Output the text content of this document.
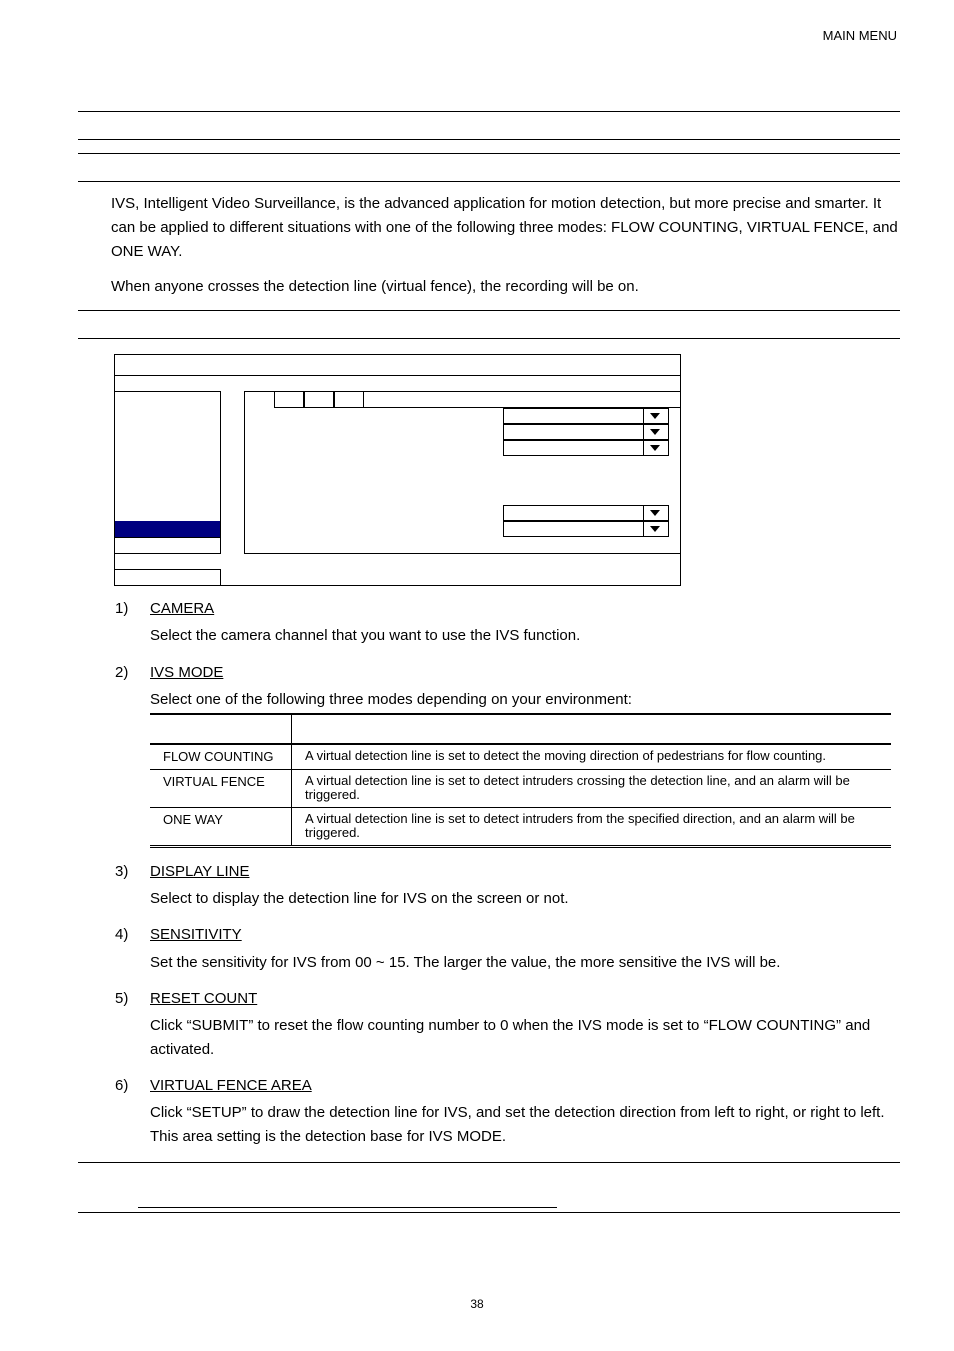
MAIN MENU
IVS, Intelligent Video Surveillance, is the advanced application for motion detection, but more precise and smarter. It can be applied to different situations with one of the following three modes: FLOW COUNTING, VIRTUAL FENCE, and ONE WAY.
When anyone crosses the detection line (virtual fence), the recording will be on.
1) CAMERA
Select the camera channel that you want to use the IVS function.
2) IVS MODE
Select one of the following three modes depending on your environment:

FLOW COUNTING	A virtual detection line is set to detect the moving direction of pedestrians for flow counting.
VIRTUAL FENCE	A virtual detection line is set to detect intruders crossing the detection line, and an alarm will be triggered.
ONE WAY	A virtual detection line is set to detect intruders from the specified direction, and an alarm will be triggered.
3) DISPLAY LINE
Select to display the detection line for IVS on the screen or not.
4) SENSITIVITY
Set the sensitivity for IVS from 00 ~ 15. The larger the value, the more sensitive the IVS will be.
5) RESET COUNT
Click “SUBMIT” to reset the flow counting number to 0 when the IVS mode is set to “FLOW COUNTING” and activated.
6) VIRTUAL FENCE AREA
Click “SETUP” to draw the detection line for IVS, and set the detection direction from left to right, or right to left. This area setting is the detection base for IVS MODE.
38
